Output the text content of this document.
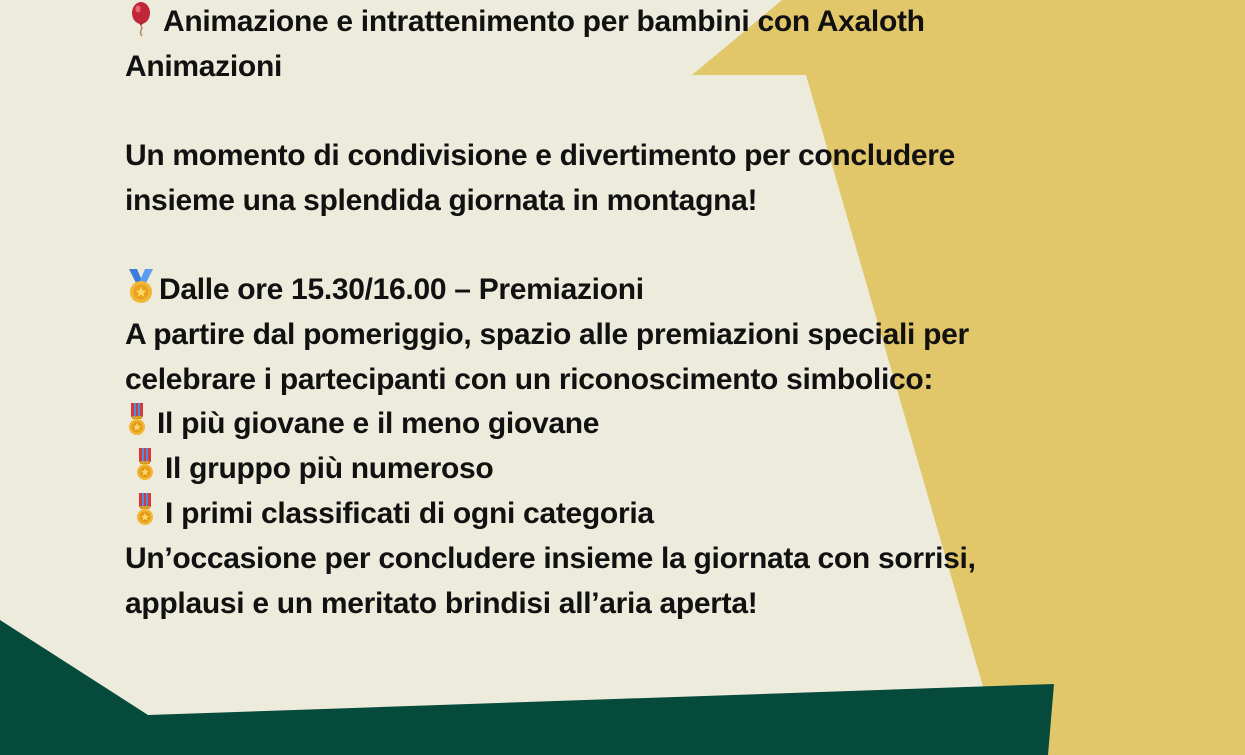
Animazione e intrattenimento per bambini con Axaloth
Animazioni
Un momento di condivisione e divertimento per concludere
insieme una splendida giornata in montagna!
Dalle ore 15.30/16.00 – Premiazioni
A partire dal pomeriggio, spazio alle premiazioni speciali per
celebrare i partecipanti con un riconoscimento simbolico:
Il più giovane e il meno giovane
Il gruppo più numeroso
I primi classificati di ogni categoria
Un’occasione per concludere insieme la giornata con sorrisi,
applausi e un meritato brindisi all’aria aperta!
